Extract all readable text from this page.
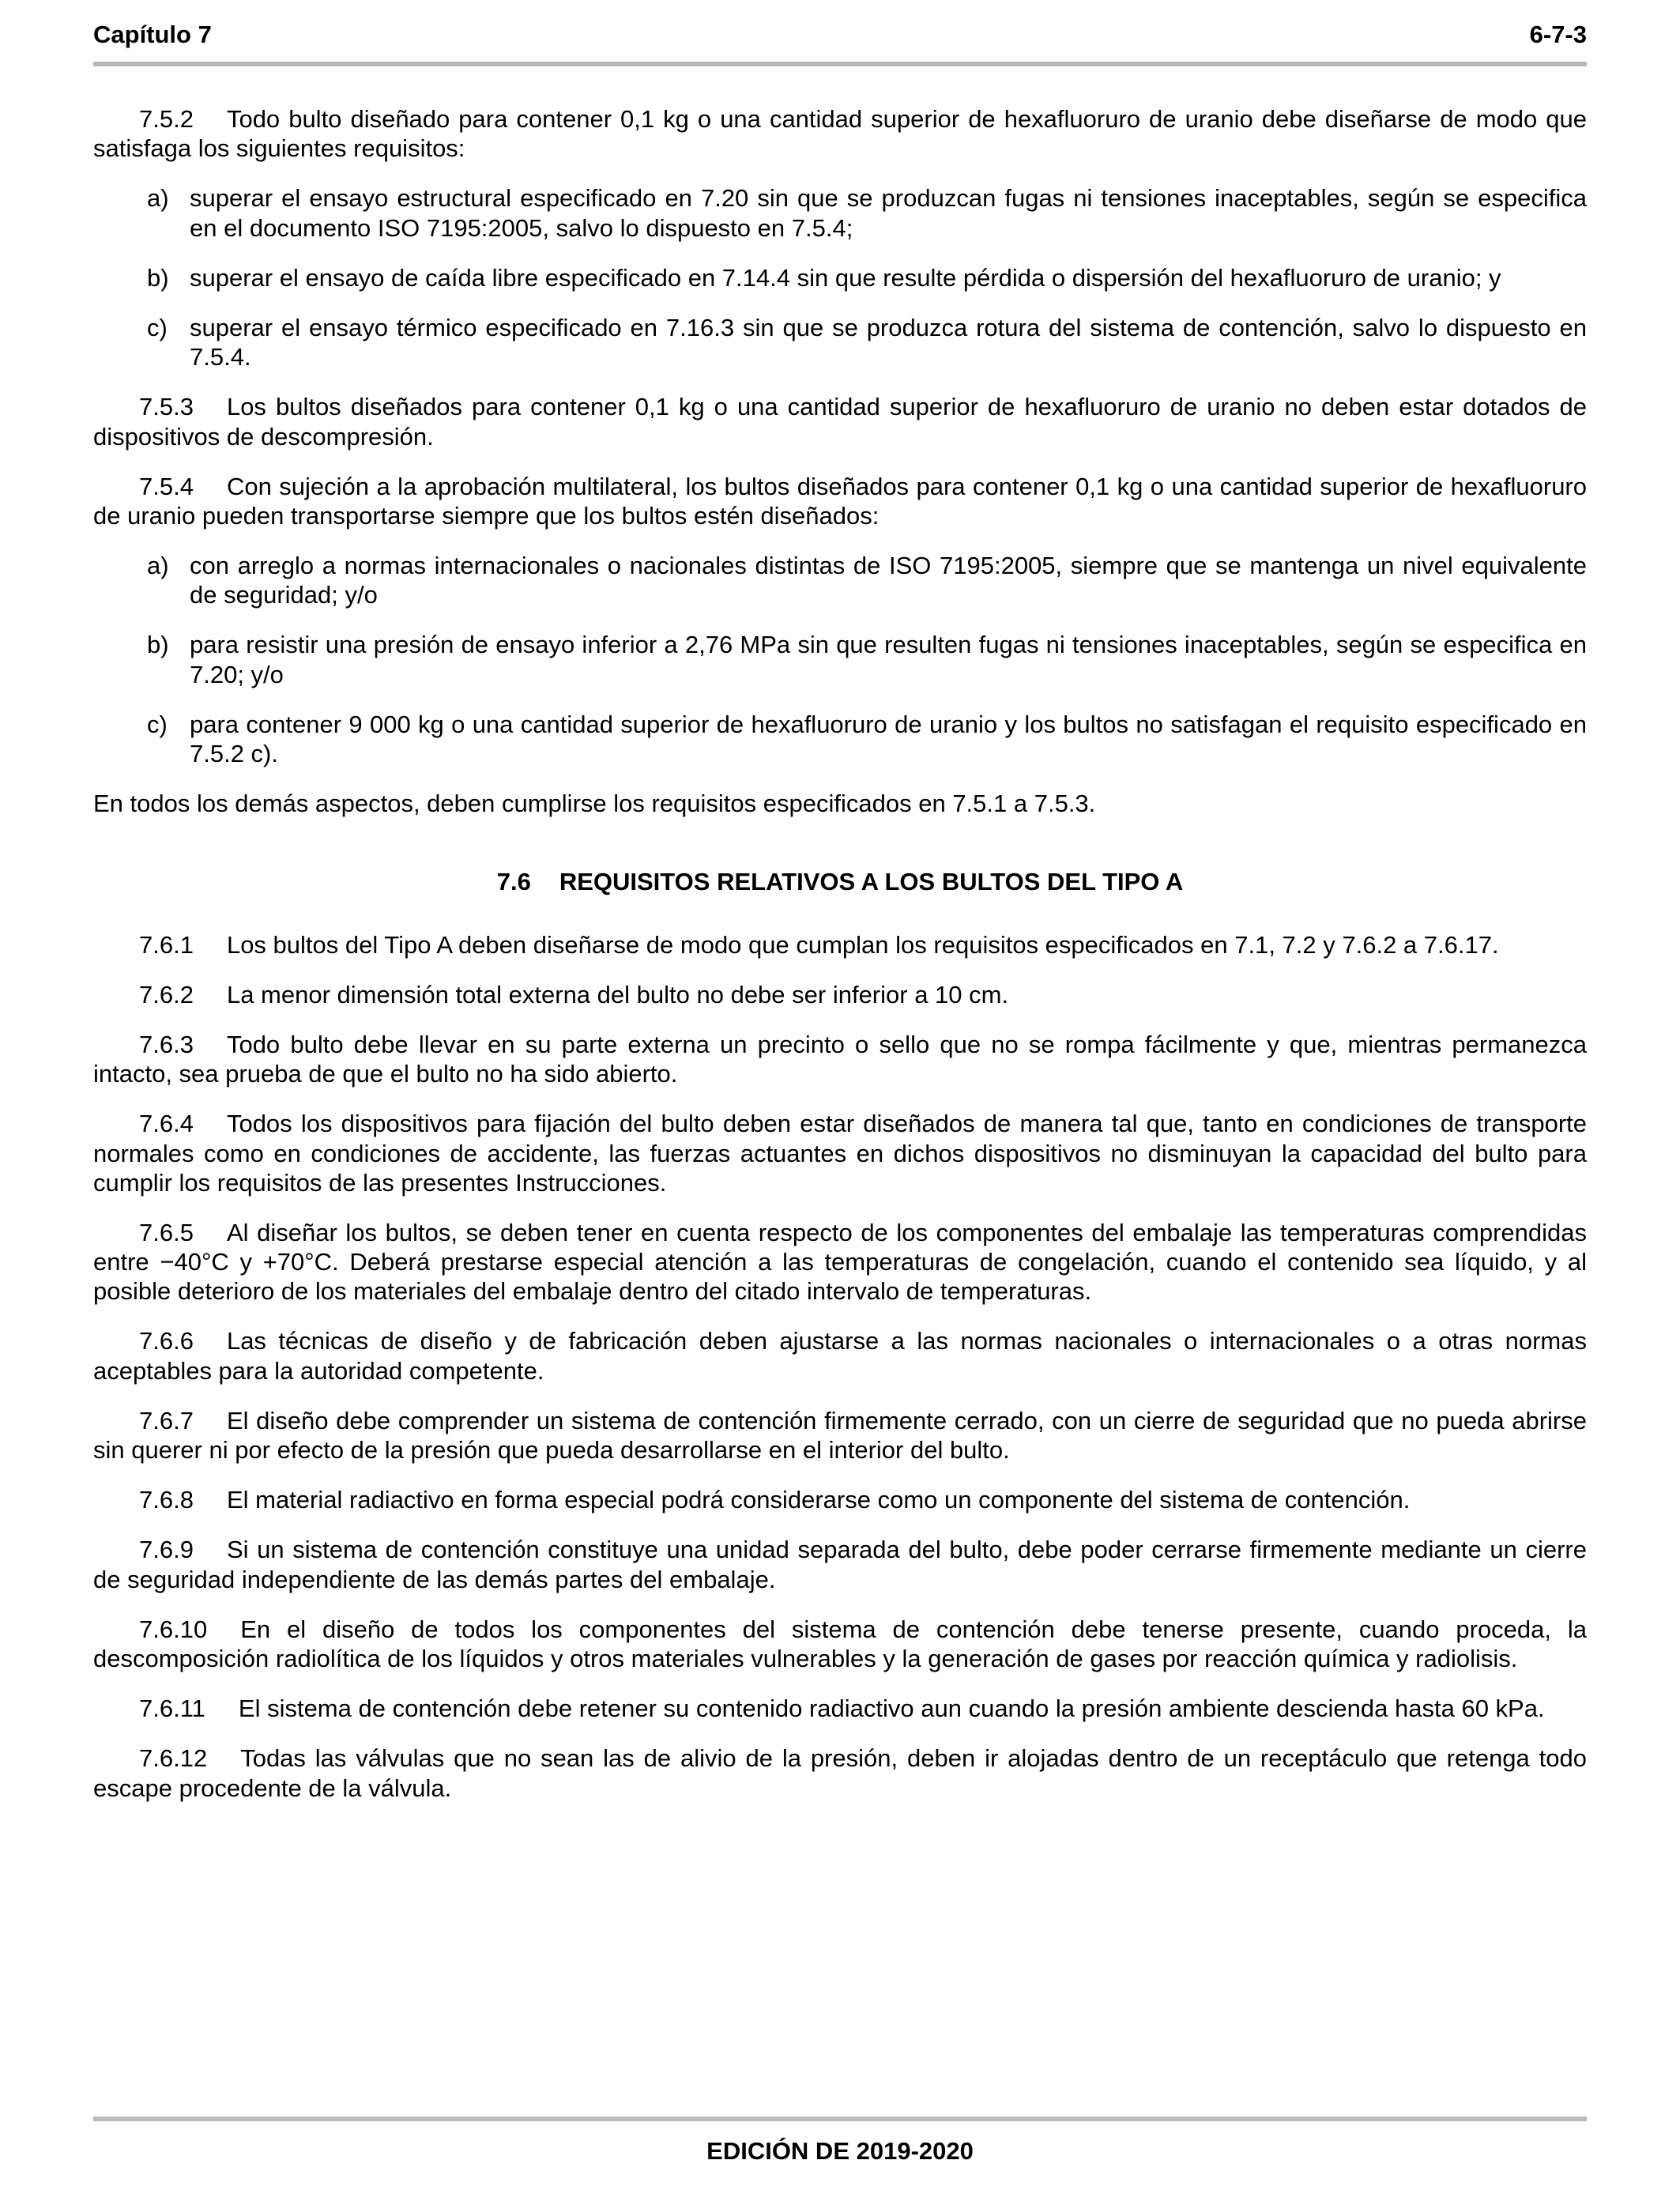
Capítulo 7	6-7-3

7.5.2 Todo bulto diseñado para contener 0,1 kg o una cantidad superior de hexafluoruro de uranio debe diseñarse de modo que satisfaga los siguientes requisitos:

a) superar el ensayo estructural especificado en 7.20 sin que se produzcan fugas ni tensiones inaceptables, según se especifica en el documento ISO 7195:2005, salvo lo dispuesto en 7.5.4;
b) superar el ensayo de caída libre especificado en 7.14.4 sin que resulte pérdida o dispersión del hexafluoruro de uranio; y
c) superar el ensayo térmico especificado en 7.16.3 sin que se produzca rotura del sistema de contención, salvo lo dispuesto en 7.5.4.

7.5.3 Los bultos diseñados para contener 0,1 kg o una cantidad superior de hexafluoruro de uranio no deben estar dotados de dispositivos de descompresión.

7.5.4 Con sujeción a la aprobación multilateral, los bultos diseñados para contener 0,1 kg o una cantidad superior de hexafluoruro de uranio pueden transportarse siempre que los bultos estén diseñados:

a) con arreglo a normas internacionales o nacionales distintas de ISO 7195:2005, siempre que se mantenga un nivel equivalente de seguridad; y/o
b) para resistir una presión de ensayo inferior a 2,76 MPa sin que resulten fugas ni tensiones inaceptables, según se especifica en 7.20; y/o
c) para contener 9 000 kg o una cantidad superior de hexafluoruro de uranio y los bultos no satisfagan el requisito especificado en 7.5.2 c).

En todos los demás aspectos, deben cumplirse los requisitos especificados en 7.5.1 a 7.5.3.

7.6 REQUISITOS RELATIVOS A LOS BULTOS DEL TIPO A

7.6.1 Los bultos del Tipo A deben diseñarse de modo que cumplan los requisitos especificados en 7.1, 7.2 y 7.6.2 a 7.6.17.

7.6.2 La menor dimensión total externa del bulto no debe ser inferior a 10 cm.

7.6.3 Todo bulto debe llevar en su parte externa un precinto o sello que no se rompa fácilmente y que, mientras permanezca intacto, sea prueba de que el bulto no ha sido abierto.

7.6.4 Todos los dispositivos para fijación del bulto deben estar diseñados de manera tal que, tanto en condiciones de transporte normales como en condiciones de accidente, las fuerzas actuantes en dichos dispositivos no disminuyan la capacidad del bulto para cumplir los requisitos de las presentes Instrucciones.

7.6.5 Al diseñar los bultos, se deben tener en cuenta respecto de los componentes del embalaje las temperaturas comprendidas entre −40°C y +70°C. Deberá prestarse especial atención a las temperaturas de congelación, cuando el contenido sea líquido, y al posible deterioro de los materiales del embalaje dentro del citado intervalo de temperaturas.

7.6.6 Las técnicas de diseño y de fabricación deben ajustarse a las normas nacionales o internacionales o a otras normas aceptables para la autoridad competente.

7.6.7 El diseño debe comprender un sistema de contención firmemente cerrado, con un cierre de seguridad que no pueda abrirse sin querer ni por efecto de la presión que pueda desarrollarse en el interior del bulto.

7.6.8 El material radiactivo en forma especial podrá considerarse como un componente del sistema de contención.

7.6.9 Si un sistema de contención constituye una unidad separada del bulto, debe poder cerrarse firmemente mediante un cierre de seguridad independiente de las demás partes del embalaje.

7.6.10 En el diseño de todos los componentes del sistema de contención debe tenerse presente, cuando proceda, la descomposición radiolítica de los líquidos y otros materiales vulnerables y la generación de gases por reacción química y radiolisis.

7.6.11 El sistema de contención debe retener su contenido radiactivo aun cuando la presión ambiente descienda hasta 60 kPa.

7.6.12 Todas las válvulas que no sean las de alivio de la presión, deben ir alojadas dentro de un receptáculo que retenga todo escape procedente de la válvula.

EDICIÓN DE 2019-2020
